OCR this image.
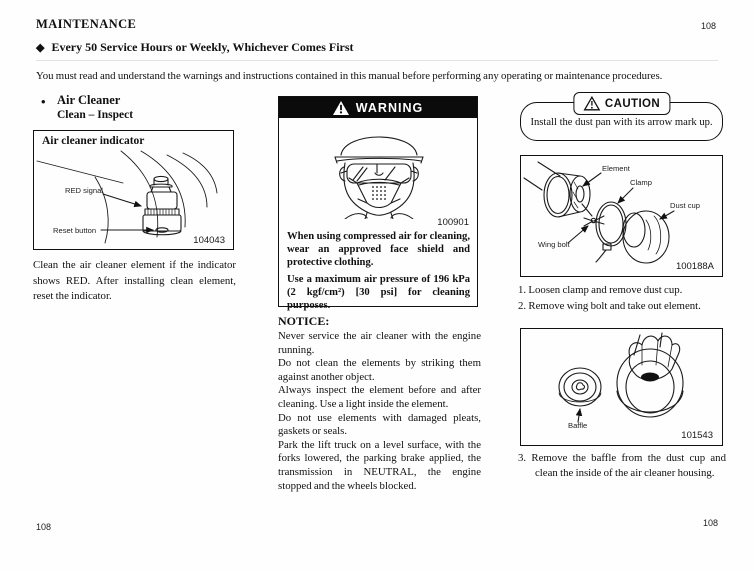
MAINTENANCE	108
◆ Every 50 Service Hours or Weekly, Whichever Comes First
You must read and understand the warnings and instructions contained in this manual before performing any operating or maintenance procedures.
• Air Cleaner
Clean – Inspect
Air cleaner indicator
RED signal
Reset button
104043
Clean the air cleaner element if the indicator shows RED. After installing clean element, reset the indicator.
WARNING
100901

When using compressed air for cleaning, wear an approved face shield and protective clothing.

Use a maximum air pressure of 196 kPa (2 kgf/cm²) [30 psi] for cleaning purposes.

NOTICE:

Never service the air cleaner with the engine running.

Do not clean the elements by striking them against another object.

Always inspect the element before and after cleaning. Use a light inside the element.

Do not use elements with damaged pleats, gaskets or seals.

Park the lift truck on a level surface, with the forks lowered, the parking brake applied, the transmission in NEUTRAL, the engine stopped and the wheels blocked.

CAUTION
Install the dust pan with its arrow mark up.
Element
Clamp
Dust cup
Wing bolt
100188A

1. Loosen clamp and remove dust cup.

2. Remove wing bolt and take out element.

Baffle
101543

3. Remove the baffle from the dust cup and clean the inside of the air cleaner housing.

108	108
